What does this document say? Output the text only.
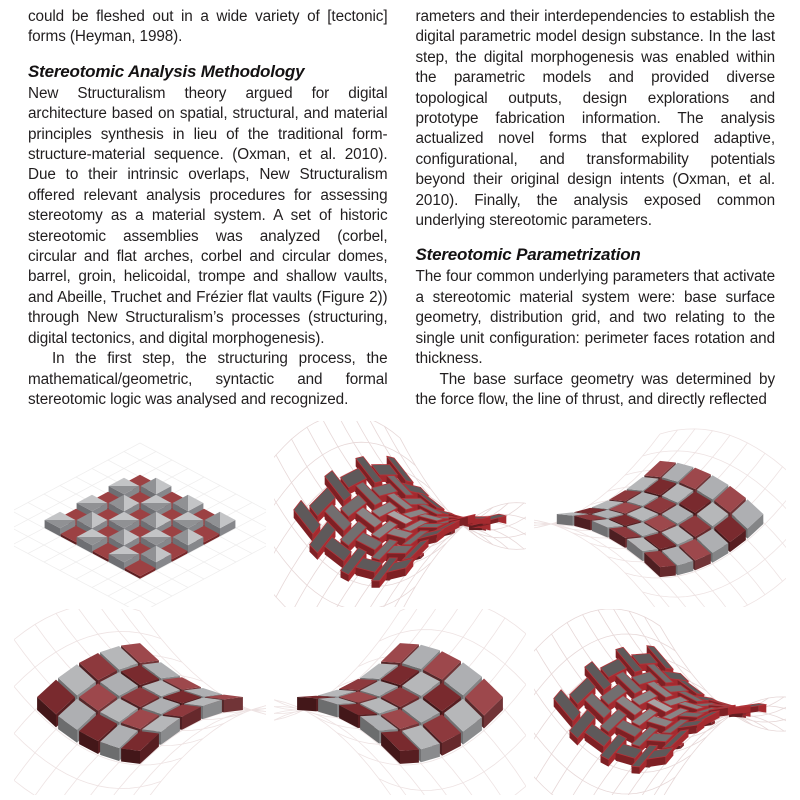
could be fleshed out in a wide variety of [tectonic] forms (Heyman, 1998).

Stereotomic Analysis Methodology

New Structuralism theory argued for digital architecture based on spatial, structural, and material principles synthesis in lieu of the traditional form-structure-material sequence. (Oxman, et al. 2010). Due to their intrinsic overlaps, New Structuralism offered relevant analysis procedures for assessing stereotomy as a material system. A set of historic stereotomic assemblies was analyzed (corbel, circular and flat arches, corbel and circular domes, barrel, groin, helicoidal, trompe and shallow vaults, and Abeille, Truchet and Frézier flat vaults (Figure 2)) through New Structuralism’s processes (structuring, digital tectonics, and digital morphogenesis).

In the first step, the structuring process, the mathematical/geometric, syntactic and formal stereotomic logic was analysed and recognized.

rameters and their interdependencies to establish the digital parametric model design substance. In the last step, the digital morphogenesis was enabled within the parametric models and provided diverse topological outputs, design explorations and prototype fabrication information. The analysis actualized novel forms that explored adaptive, configurational, and transformability potentials beyond their original design intents (Oxman, et al. 2010). Finally, the analysis exposed common underlying stereotomic parameters.

Stereotomic Parametrization

The four common underlying parameters that activate a stereotomic material system were: base surface geometry, distribution grid, and two relating to the single unit configuration: perimeter faces rotation and thickness.

The base surface geometry was determined by the force flow, the line of thrust, and directly reflected
